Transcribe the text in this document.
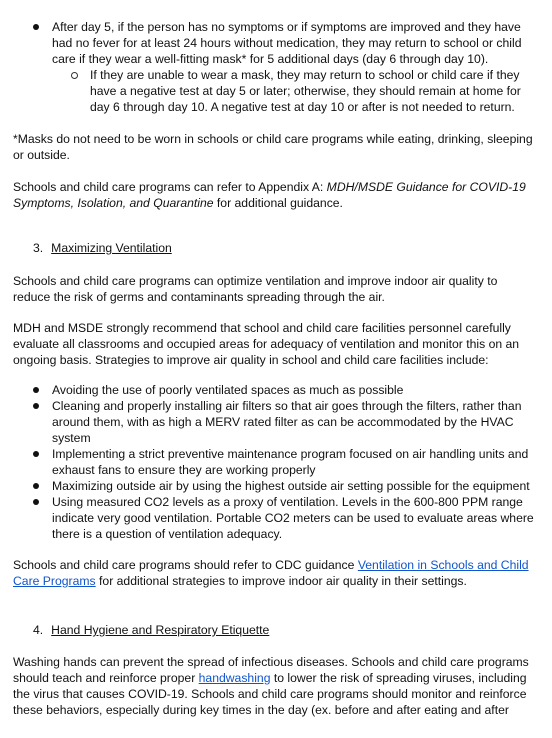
After day 5, if the person has no symptoms or if symptoms are improved and they have had no fever for at least 24 hours without medication, they may return to school or child care if they wear a well-fitting mask* for 5 additional days (day 6 through day 10).

If they are unable to wear a mask, they may return to school or child care if they have a negative test at day 5 or later; otherwise, they should remain at home for day 6 through day 10. A negative test at day 10 or after is not needed to return.

*Masks do not need to be worn in schools or child care programs while eating, drinking, sleeping or outside.

Schools and child care programs can refer to Appendix A: MDH/MSDE Guidance for COVID-19 Symptoms, Isolation, and Quarantine for additional guidance.

3. Maximizing Ventilation

Schools and child care programs can optimize ventilation and improve indoor air quality to reduce the risk of germs and contaminants spreading through the air.

MDH and MSDE strongly recommend that school and child care facilities personnel carefully evaluate all classrooms and occupied areas for adequacy of ventilation and monitor this on an ongoing basis. Strategies to improve air quality in school and child care facilities include:

Avoiding the use of poorly ventilated spaces as much as possible

Cleaning and properly installing air filters so that air goes through the filters, rather than around them, with as high a MERV rated filter as can be accommodated by the HVAC system

Implementing a strict preventive maintenance program focused on air handling units and exhaust fans to ensure they are working properly

Maximizing outside air by using the highest outside air setting possible for the equipment

Using measured CO2 levels as a proxy of ventilation. Levels in the 600-800 PPM range indicate very good ventilation. Portable CO2 meters can be used to evaluate areas where there is a question of ventilation adequacy.

Schools and child care programs should refer to CDC guidance Ventilation in Schools and Child Care Programs for additional strategies to improve indoor air quality in their settings.

4. Hand Hygiene and Respiratory Etiquette

Washing hands can prevent the spread of infectious diseases. Schools and child care programs should teach and reinforce proper handwashing to lower the risk of spreading viruses, including the virus that causes COVID-19. Schools and child care programs should monitor and reinforce these behaviors, especially during key times in the day (ex. before and after eating and after
